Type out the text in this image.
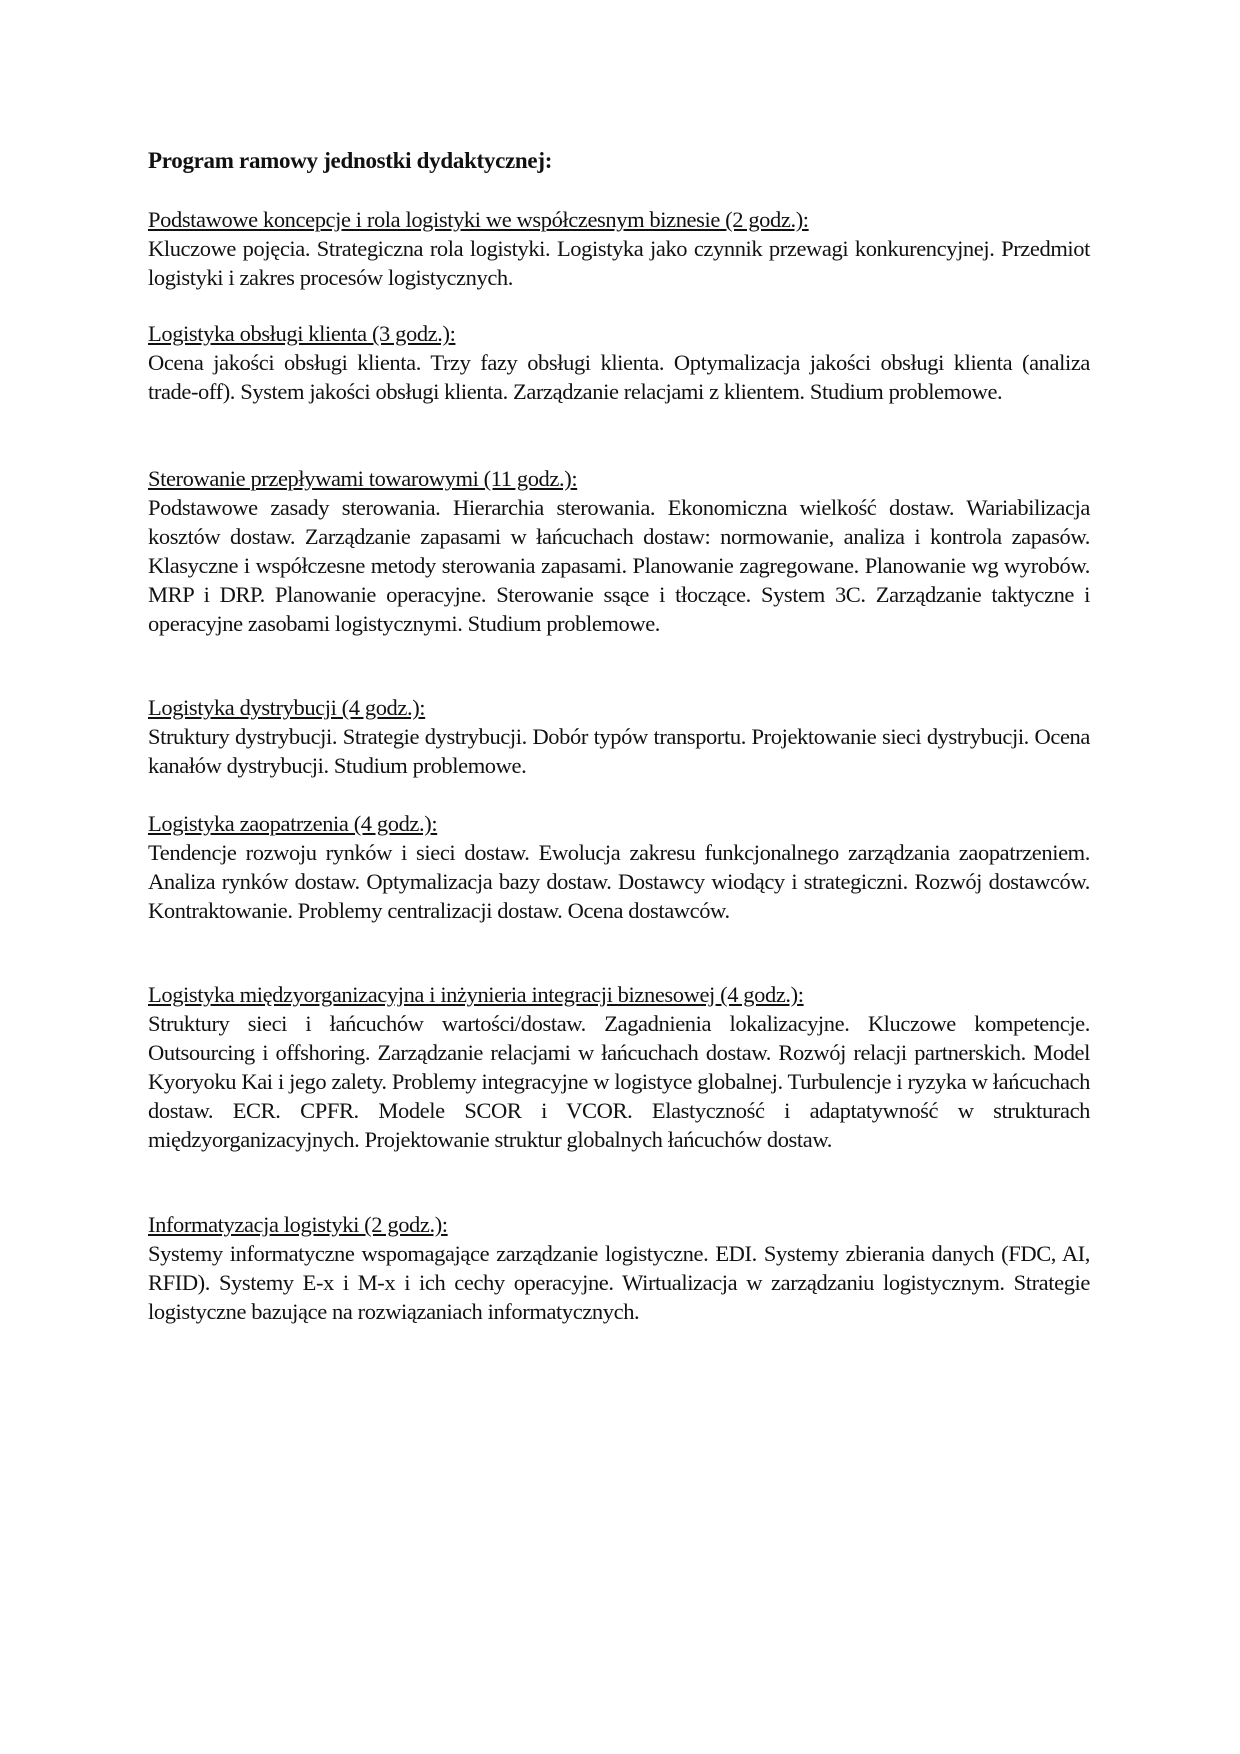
Program ramowy jednostki dydaktycznej:
Podstawowe koncepcje i rola logistyki we współczesnym biznesie (2 godz.):
Kluczowe pojęcia. Strategiczna rola logistyki. Logistyka jako czynnik przewagi konkurencyjnej. Przedmiot logistyki i zakres procesów logistycznych.
Logistyka obsługi klienta (3 godz.):
Ocena jakości obsługi klienta. Trzy fazy obsługi klienta. Optymalizacja jakości obsługi klienta (analiza trade-off). System jakości obsługi klienta. Zarządzanie relacjami z klientem. Studium problemowe.
Sterowanie przepływami towarowymi (11 godz.):
Podstawowe zasady sterowania. Hierarchia sterowania. Ekonomiczna wielkość dostaw. Wariabilizacja kosztów dostaw. Zarządzanie zapasami w łańcuchach dostaw: normowanie, analiza i kontrola zapasów. Klasyczne i współczesne metody sterowania zapasami. Planowanie zagregowane. Planowanie wg wyrobów. MRP i DRP. Planowanie operacyjne. Sterowanie ssące i tłoczące. System 3C. Zarządzanie taktyczne i operacyjne zasobami logistycznymi. Studium problemowe.
Logistyka dystrybucji (4 godz.):
Struktury dystrybucji. Strategie dystrybucji. Dobór typów transportu. Projektowanie sieci dystrybucji. Ocena kanałów dystrybucji. Studium problemowe.
Logistyka zaopatrzenia (4 godz.):
Tendencje rozwoju rynków i sieci dostaw. Ewolucja zakresu funkcjonalnego zarządzania zaopatrzeniem. Analiza rynków dostaw. Optymalizacja bazy dostaw. Dostawcy wiodący i strategiczni. Rozwój dostawców. Kontraktowanie. Problemy centralizacji dostaw. Ocena dostawców.
Logistyka międzyorganizacyjna i inżynieria integracji biznesowej (4 godz.):
Struktury sieci i łańcuchów wartości/dostaw. Zagadnienia lokalizacyjne. Kluczowe kompetencje. Outsourcing i offshoring. Zarządzanie relacjami w łańcuchach dostaw. Rozwój relacji partnerskich. Model Kyoryoku Kai i jego zalety. Problemy integracyjne w logistyce globalnej. Turbulencje i ryzyka w łańcuchach dostaw. ECR. CPFR. Modele SCOR i VCOR. Elastyczność i adaptatywność w strukturach międzyorganizacyjnych. Projektowanie struktur globalnych łańcuchów dostaw.
Informatyzacja logistyki (2 godz.):
Systemy informatyczne wspomagające zarządzanie logistyczne. EDI. Systemy zbierania danych (FDC, AI, RFID). Systemy E-x i M-x i ich cechy operacyjne. Wirtualizacja w zarządzaniu logistycznym. Strategie logistyczne bazujące na rozwiązaniach informatycznych.
